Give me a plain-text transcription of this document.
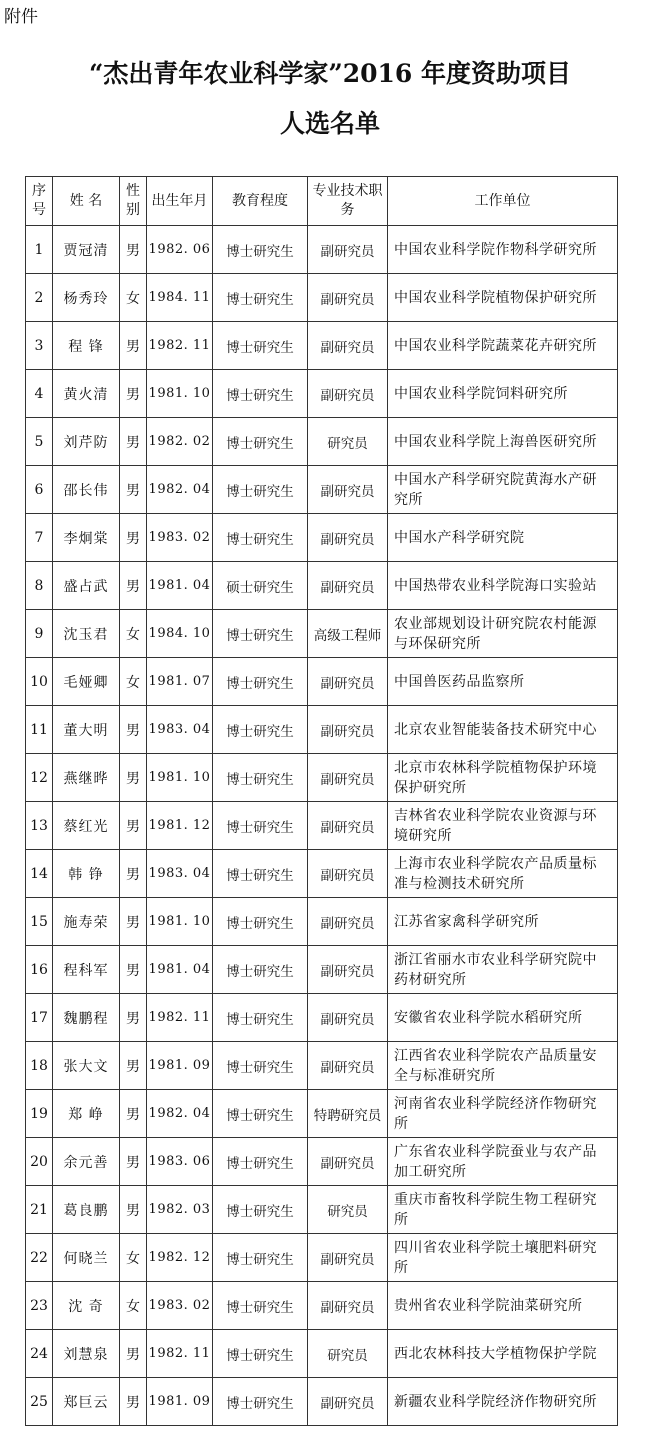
附件
“杰出青年农业科学家”2016 年度资助项目
人选名单
序号	姓 名	性别	出生年月	教育程度	专业技术职务	工作单位
1	贾冠清	男	1982. 06	博士研究生	副研究员	中国农业科学院作物科学研究所
2	杨秀玲	女	1984. 11	博士研究生	副研究员	中国农业科学院植物保护研究所
3	程 锋	男	1982. 11	博士研究生	副研究员	中国农业科学院蔬菜花卉研究所
4	黄火清	男	1981. 10	博士研究生	副研究员	中国农业科学院饲料研究所
5	刘芹防	男	1982. 02	博士研究生	研究员	中国农业科学院上海兽医研究所
6	邵长伟	男	1982. 04	博士研究生	副研究员	中国水产科学研究院黄海水产研究所
7	李炯棠	男	1983. 02	博士研究生	副研究员	中国水产科学研究院
8	盛占武	男	1981. 04	硕士研究生	副研究员	中国热带农业科学院海口实验站
9	沈玉君	女	1984. 10	博士研究生	高级工程师	农业部规划设计研究院农村能源与环保研究所
10	毛娅卿	女	1981. 07	博士研究生	副研究员	中国兽医药品监察所
11	董大明	男	1983. 04	博士研究生	副研究员	北京农业智能装备技术研究中心
12	燕继晔	男	1981. 10	博士研究生	副研究员	北京市农林科学院植物保护环境保护研究所
13	蔡红光	男	1981. 12	博士研究生	副研究员	吉林省农业科学院农业资源与环境研究所
14	韩 铮	男	1983. 04	博士研究生	副研究员	上海市农业科学院农产品质量标准与检测技术研究所
15	施寿荣	男	1981. 10	博士研究生	副研究员	江苏省家禽科学研究所
16	程科军	男	1981. 04	博士研究生	副研究员	浙江省丽水市农业科学研究院中药材研究所
17	魏鹏程	男	1982. 11	博士研究生	副研究员	安徽省农业科学院水稻研究所
18	张大文	男	1981. 09	博士研究生	副研究员	江西省农业科学院农产品质量安全与标准研究所
19	郑 峥	男	1982. 04	博士研究生	特聘研究员	河南省农业科学院经济作物研究所
20	余元善	男	1983. 06	博士研究生	副研究员	广东省农业科学院蚕业与农产品加工研究所
21	葛良鹏	男	1982. 03	博士研究生	研究员	重庆市畜牧科学院生物工程研究所
22	何晓兰	女	1982. 12	博士研究生	副研究员	四川省农业科学院土壤肥料研究所
23	沈 奇	女	1983. 02	博士研究生	副研究员	贵州省农业科学院油菜研究所
24	刘慧泉	男	1982. 11	博士研究生	研究员	西北农林科技大学植物保护学院
25	郑巨云	男	1981. 09	博士研究生	副研究员	新疆农业科学院经济作物研究所
